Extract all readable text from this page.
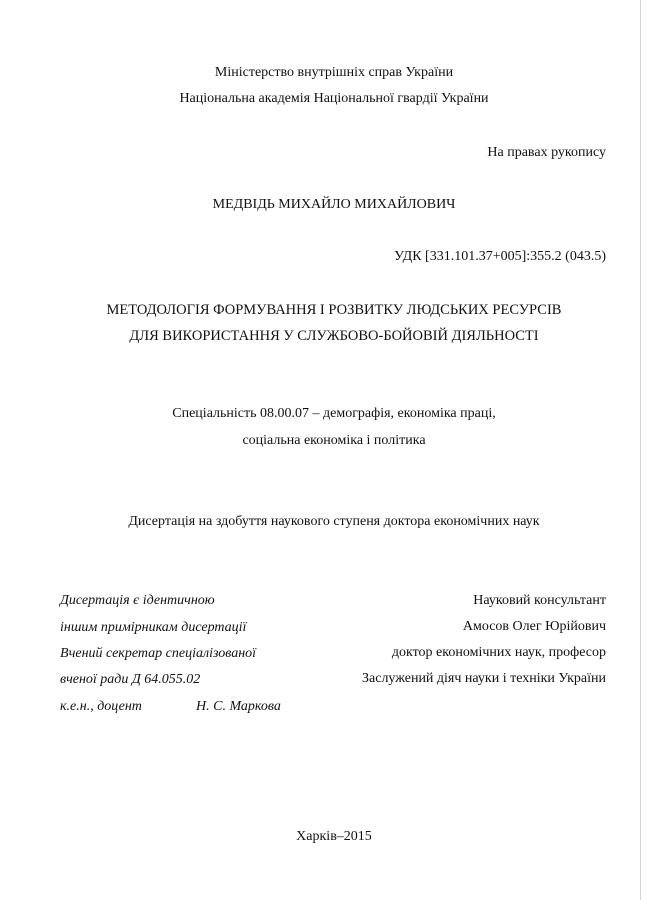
Міністерство внутрішніх справ України
Національна академія Національної гвардії України
На правах рукопису
МЕДВІДЬ МИХАЙЛО МИХАЙЛОВИЧ
УДК [331.101.37+005]:355.2 (043.5)
МЕТОДОЛОГІЯ ФОРМУВАННЯ І РОЗВИТКУ ЛЮДСЬКИХ РЕСУРСІВ
ДЛЯ ВИКОРИСТАННЯ У СЛУЖБОВО-БОЙОВІЙ ДІЯЛЬНОСТІ
Спеціальність 08.00.07 – демографія, економіка праці,
соціальна економіка і політика
Дисертація на здобуття наукового ступеня доктора економічних наук
Дисертація є ідентичною
іншим примірникам дисертації
Вчений секретар спеціалізованої
вченої ради Д 64.055.02
к.е.н., доцент	Н. С. Маркова
Науковий консультант
Амосов Олег Юрійович
доктор економічних наук, професор
Заслужений діяч науки і техніки України
Харків–2015
